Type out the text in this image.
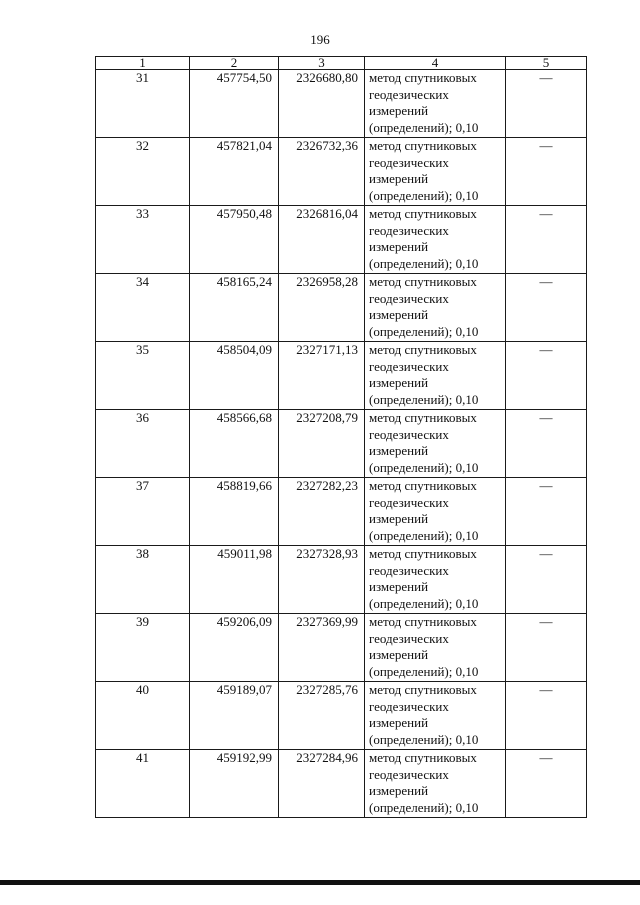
196
1	2	3	4	5
31	457754,50	2326680,80	метод спутниковых
геодезических
измерений
(определений); 0,10	—
32	457821,04	2326732,36	метод спутниковых
геодезических
измерений
(определений); 0,10	—
33	457950,48	2326816,04	метод спутниковых
геодезических
измерений
(определений); 0,10	—
34	458165,24	2326958,28	метод спутниковых
геодезических
измерений
(определений); 0,10	—
35	458504,09	2327171,13	метод спутниковых
геодезических
измерений
(определений); 0,10	—
36	458566,68	2327208,79	метод спутниковых
геодезических
измерений
(определений); 0,10	—
37	458819,66	2327282,23	метод спутниковых
геодезических
измерений
(определений); 0,10	—
38	459011,98	2327328,93	метод спутниковых
геодезических
измерений
(определений); 0,10	—
39	459206,09	2327369,99	метод спутниковых
геодезических
измерений
(определений); 0,10	—
40	459189,07	2327285,76	метод спутниковых
геодезических
измерений
(определений); 0,10	—
41	459192,99	2327284,96	метод спутниковых
геодезических
измерений
(определений); 0,10	—
